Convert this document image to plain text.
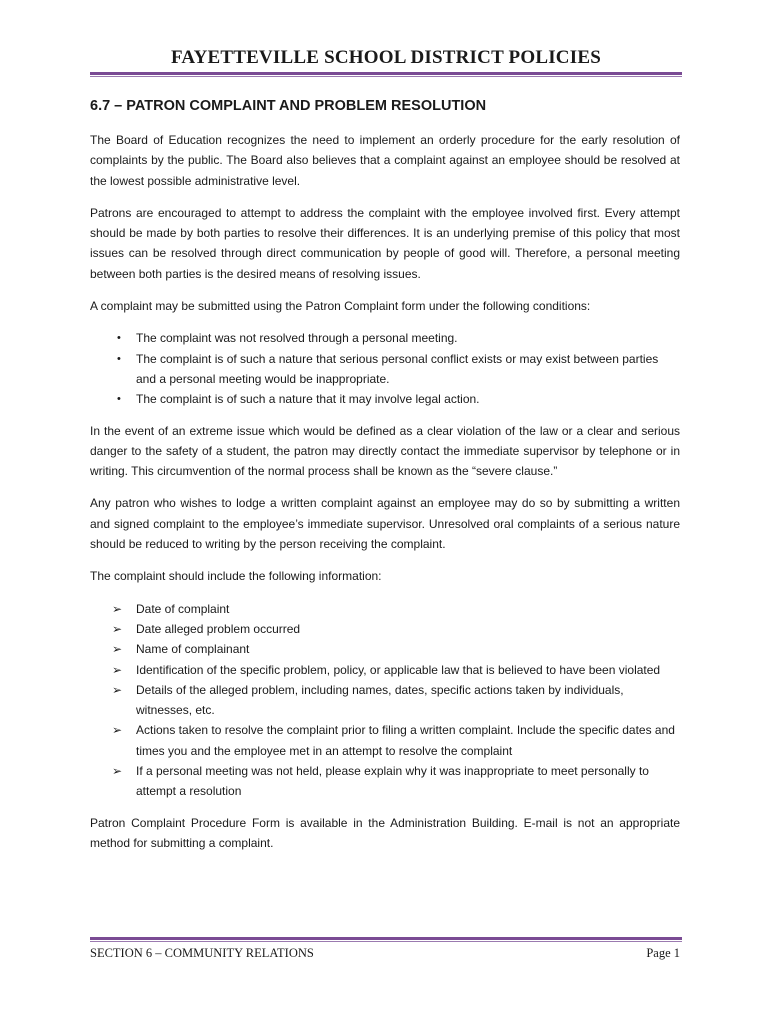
FAYETTEVILLE SCHOOL DISTRICT POLICIES
6.7 – PATRON COMPLAINT AND PROBLEM RESOLUTION

The Board of Education recognizes the need to implement an orderly procedure for the early resolution of complaints by the public. The Board also believes that a complaint against an employee should be resolved at the lowest possible administrative level.

Patrons are encouraged to attempt to address the complaint with the employee involved first. Every attempt should be made by both parties to resolve their differences. It is an underlying premise of this policy that most issues can be resolved through direct communication by people of good will. Therefore, a personal meeting between both parties is the desired means of resolving issues.

A complaint may be submitted using the Patron Complaint form under the following conditions:

• The complaint was not resolved through a personal meeting.
• The complaint is of such a nature that serious personal conflict exists or may exist between parties and a personal meeting would be inappropriate.
• The complaint is of such a nature that it may involve legal action.

In the event of an extreme issue which would be defined as a clear violation of the law or a clear and serious danger to the safety of a student, the patron may directly contact the immediate supervisor by telephone or in writing. This circumvention of the normal process shall be known as the “severe clause.”

Any patron who wishes to lodge a written complaint against an employee may do so by submitting a written and signed complaint to the employee’s immediate supervisor. Unresolved oral complaints of a serious nature should be reduced to writing by the person receiving the complaint.

The complaint should include the following information:

➢ Date of complaint
➢ Date alleged problem occurred
➢ Name of complainant
➢ Identification of the specific problem, policy, or applicable law that is believed to have been violated
➢ Details of the alleged problem, including names, dates, specific actions taken by individuals, witnesses, etc.
➢ Actions taken to resolve the complaint prior to filing a written complaint. Include the specific dates and times you and the employee met in an attempt to resolve the complaint
➢ If a personal meeting was not held, please explain why it was inappropriate to meet personally to attempt a resolution

Patron Complaint Procedure Form is available in the Administration Building. E-mail is not an appropriate method for submitting a complaint.

SECTION 6 – COMMUNITY RELATIONS	Page 1
